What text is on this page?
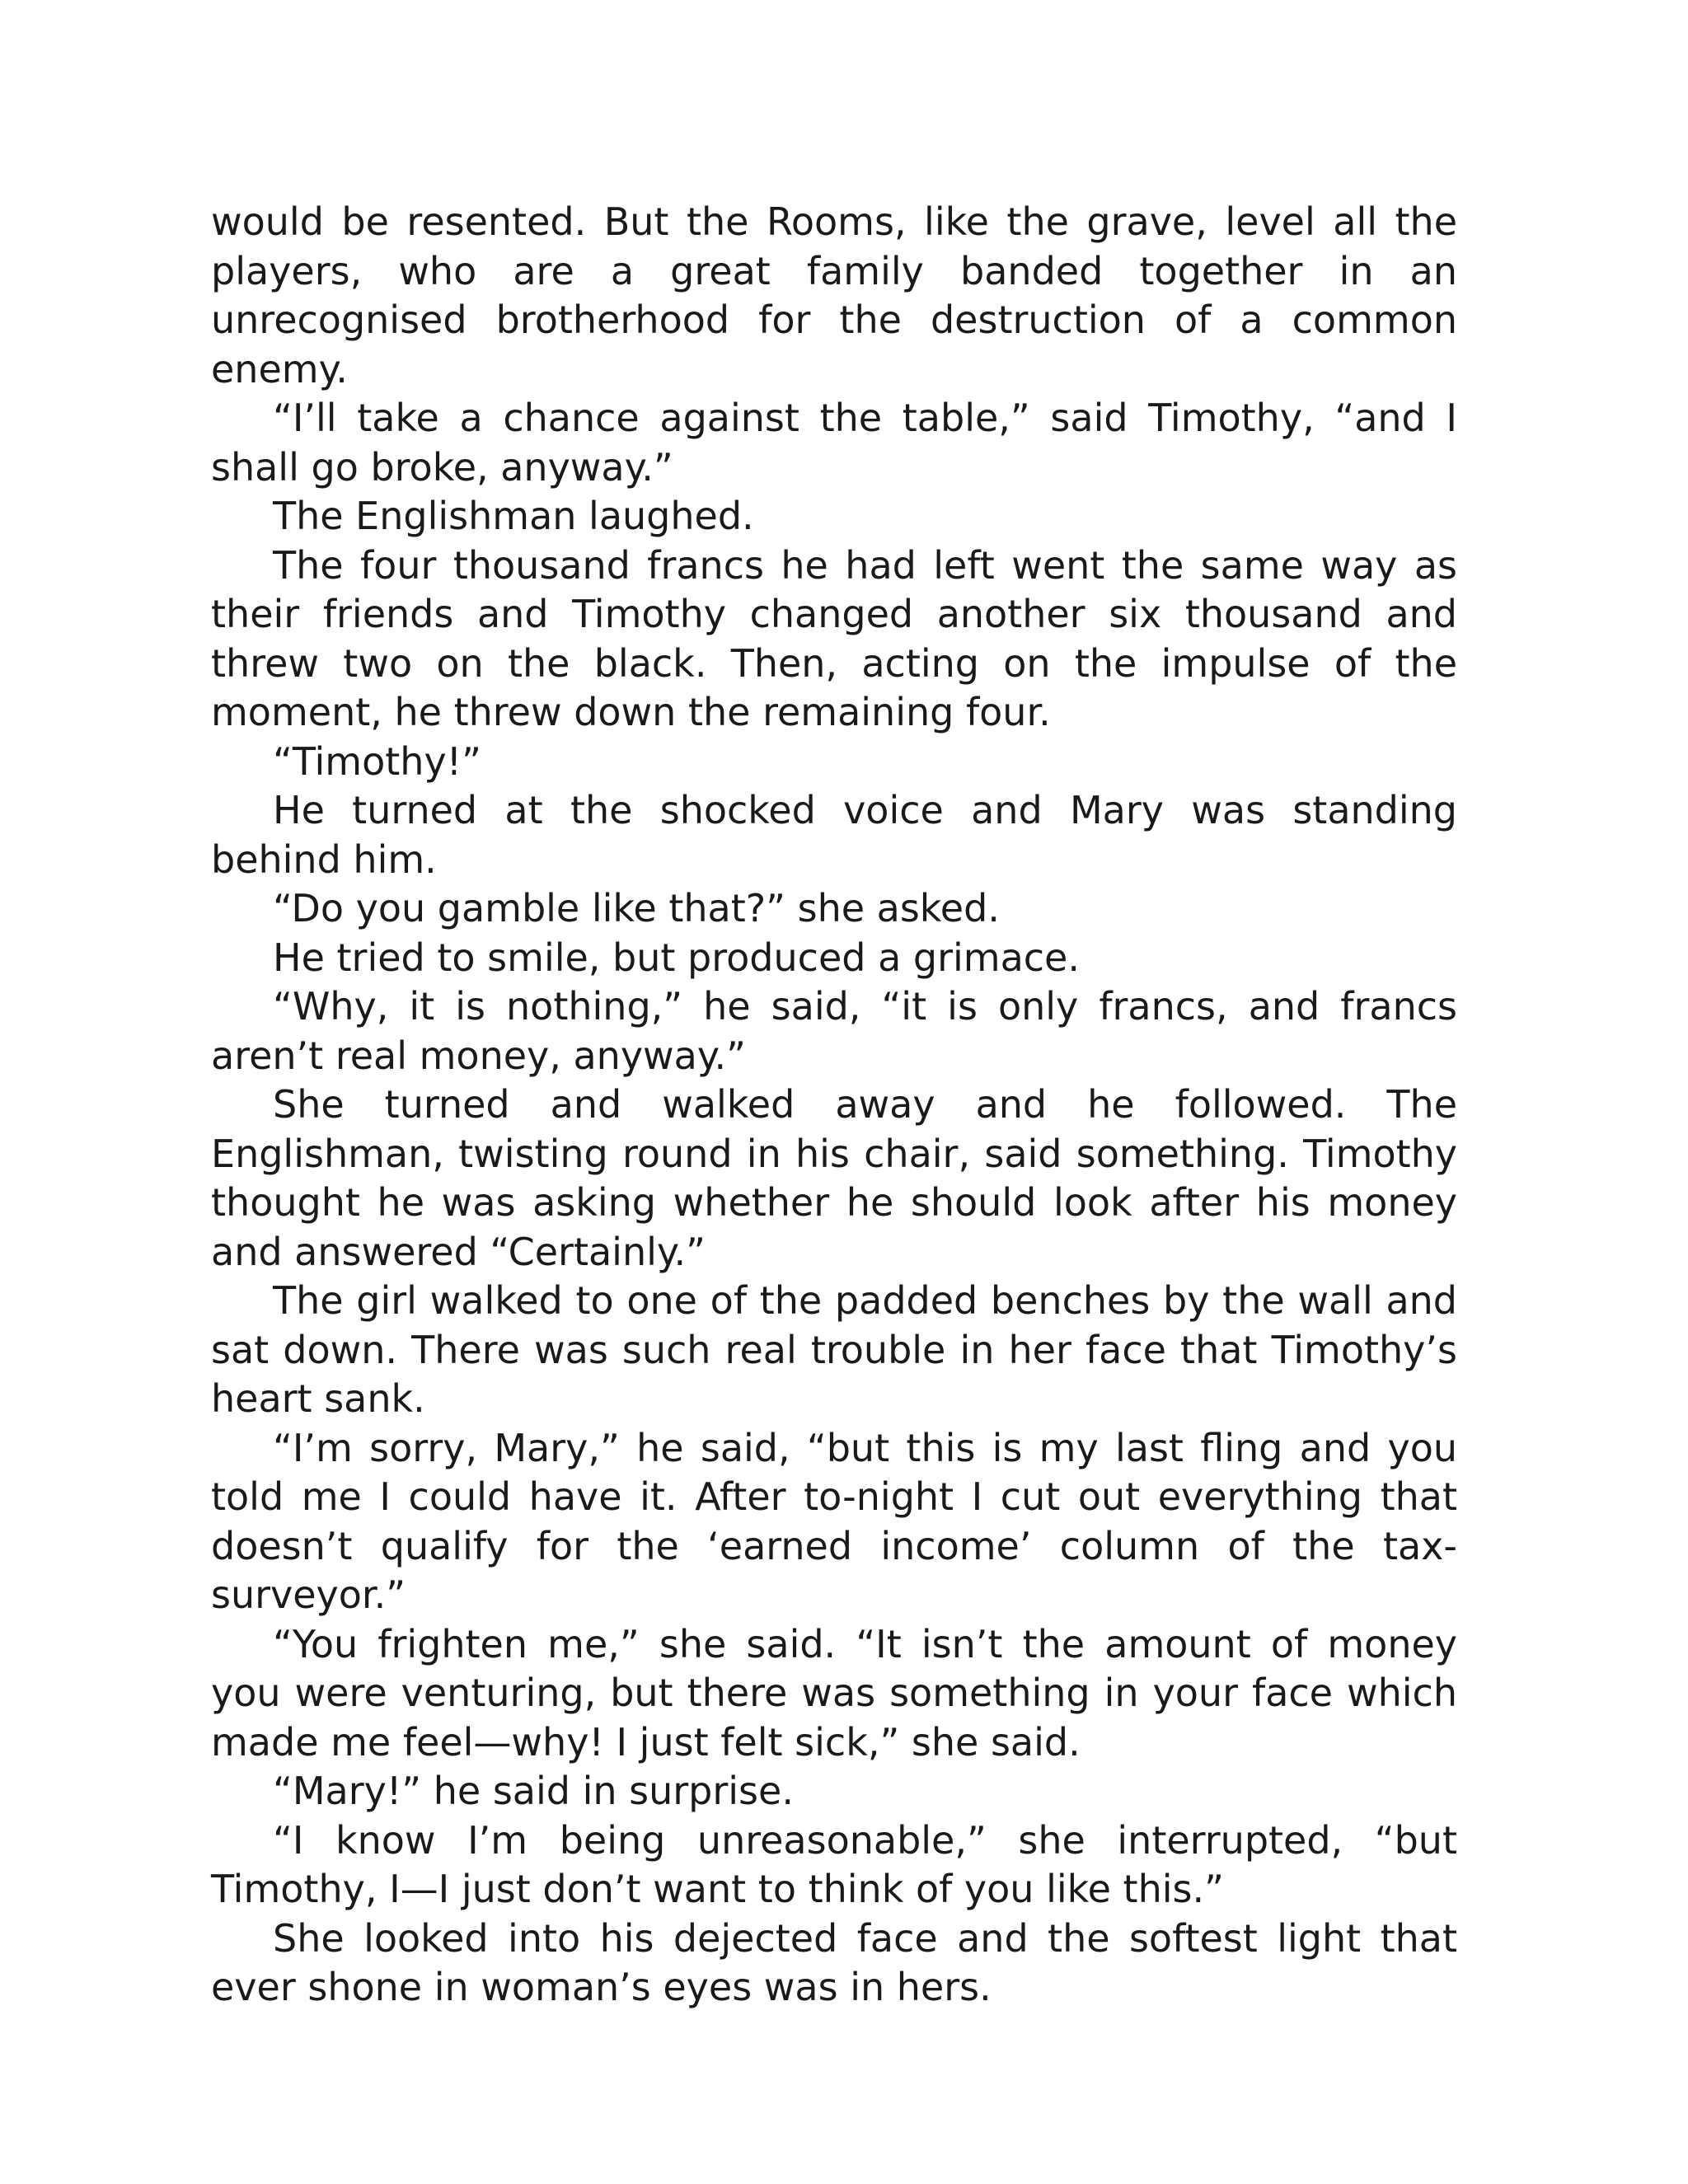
would be resented. But the Rooms, like the grave, level all the players, who are a great family banded together in an unrecognised brotherhood for the destruction of a common enemy.

“I’ll take a chance against the table,” said Timothy, “and I shall go broke, anyway.”

The Englishman laughed.

The four thousand francs he had left went the same way as their friends and Timothy changed another six thousand and threw two on the black. Then, acting on the impulse of the moment, he threw down the remaining four.

“Timothy!”

He turned at the shocked voice and Mary was standing behind him.

“Do you gamble like that?” she asked.

He tried to smile, but produced a grimace.

“Why, it is nothing,” he said, “it is only francs, and francs aren’t real money, anyway.”

She turned and walked away and he followed. The Englishman, twisting round in his chair, said something. Timothy thought he was asking whether he should look after his money and answered “Certainly.”

The girl walked to one of the padded benches by the wall and sat down. There was such real trouble in her face that Timothy’s heart sank.

“I’m sorry, Mary,” he said, “but this is my last fling and you told me I could have it. After to-night I cut out everything that doesn’t qualify for the ‘earned income’ column of the tax-surveyor.”

“You frighten me,” she said. “It isn’t the amount of money you were venturing, but there was something in your face which made me feel—why! I just felt sick,” she said.

“Mary!” he said in surprise.

“I know I’m being unreasonable,” she interrupted, “but Timothy, I—I just don’t want to think of you like this.”

She looked into his dejected face and the softest light that ever shone in woman’s eyes was in hers.
